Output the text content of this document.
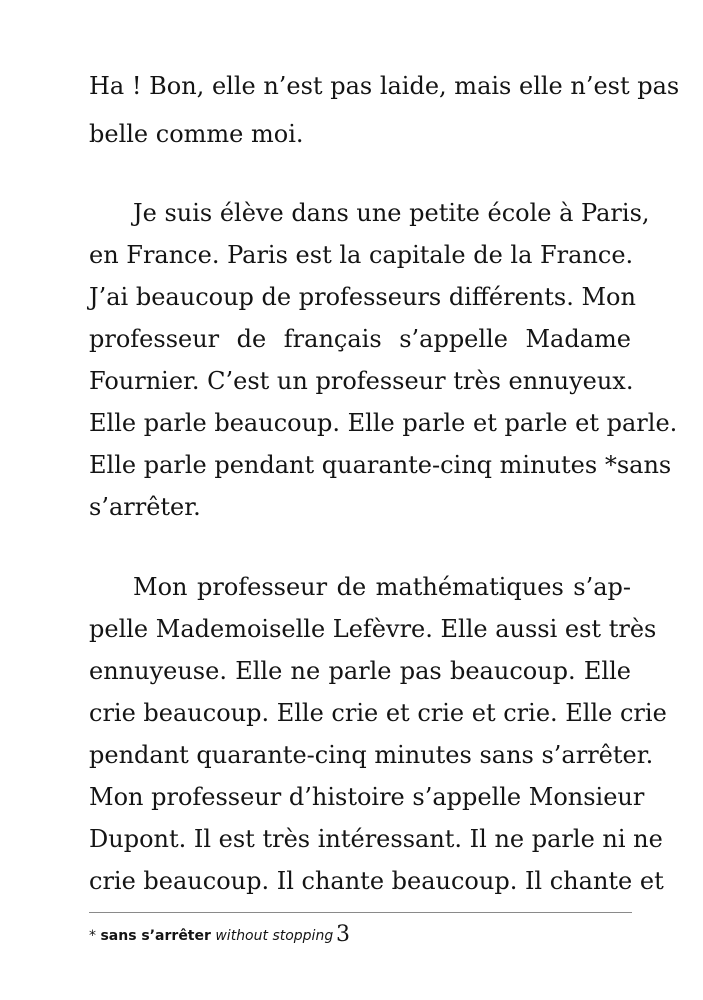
Ha ! Bon, elle n’est pas laide, mais elle n’est pas
belle comme moi.
Je suis élève dans une petite école à Paris,
en France. Paris est la capitale de la France.
J’ai beaucoup de professeurs différents. Mon
professeur de français s’appelle Madame
Fournier. C’est un professeur très ennuyeux.
Elle parle beaucoup. Elle parle et parle et parle.
Elle parle pendant quarante-cinq minutes *sans
s’arrêter.
Mon professeur de mathématiques s’ap-
pelle Mademoiselle Lefèvre. Elle aussi est très
ennuyeuse. Elle ne parle pas beaucoup. Elle
crie beaucoup. Elle crie et crie et crie. Elle crie
pendant quarante-cinq minutes sans s’arrêter.
Mon professeur d’histoire s’appelle Monsieur
Dupont. Il est très intéressant. Il ne parle ni ne
crie beaucoup. Il chante beaucoup. Il chante et
* sans s’arrêter without stopping 3
